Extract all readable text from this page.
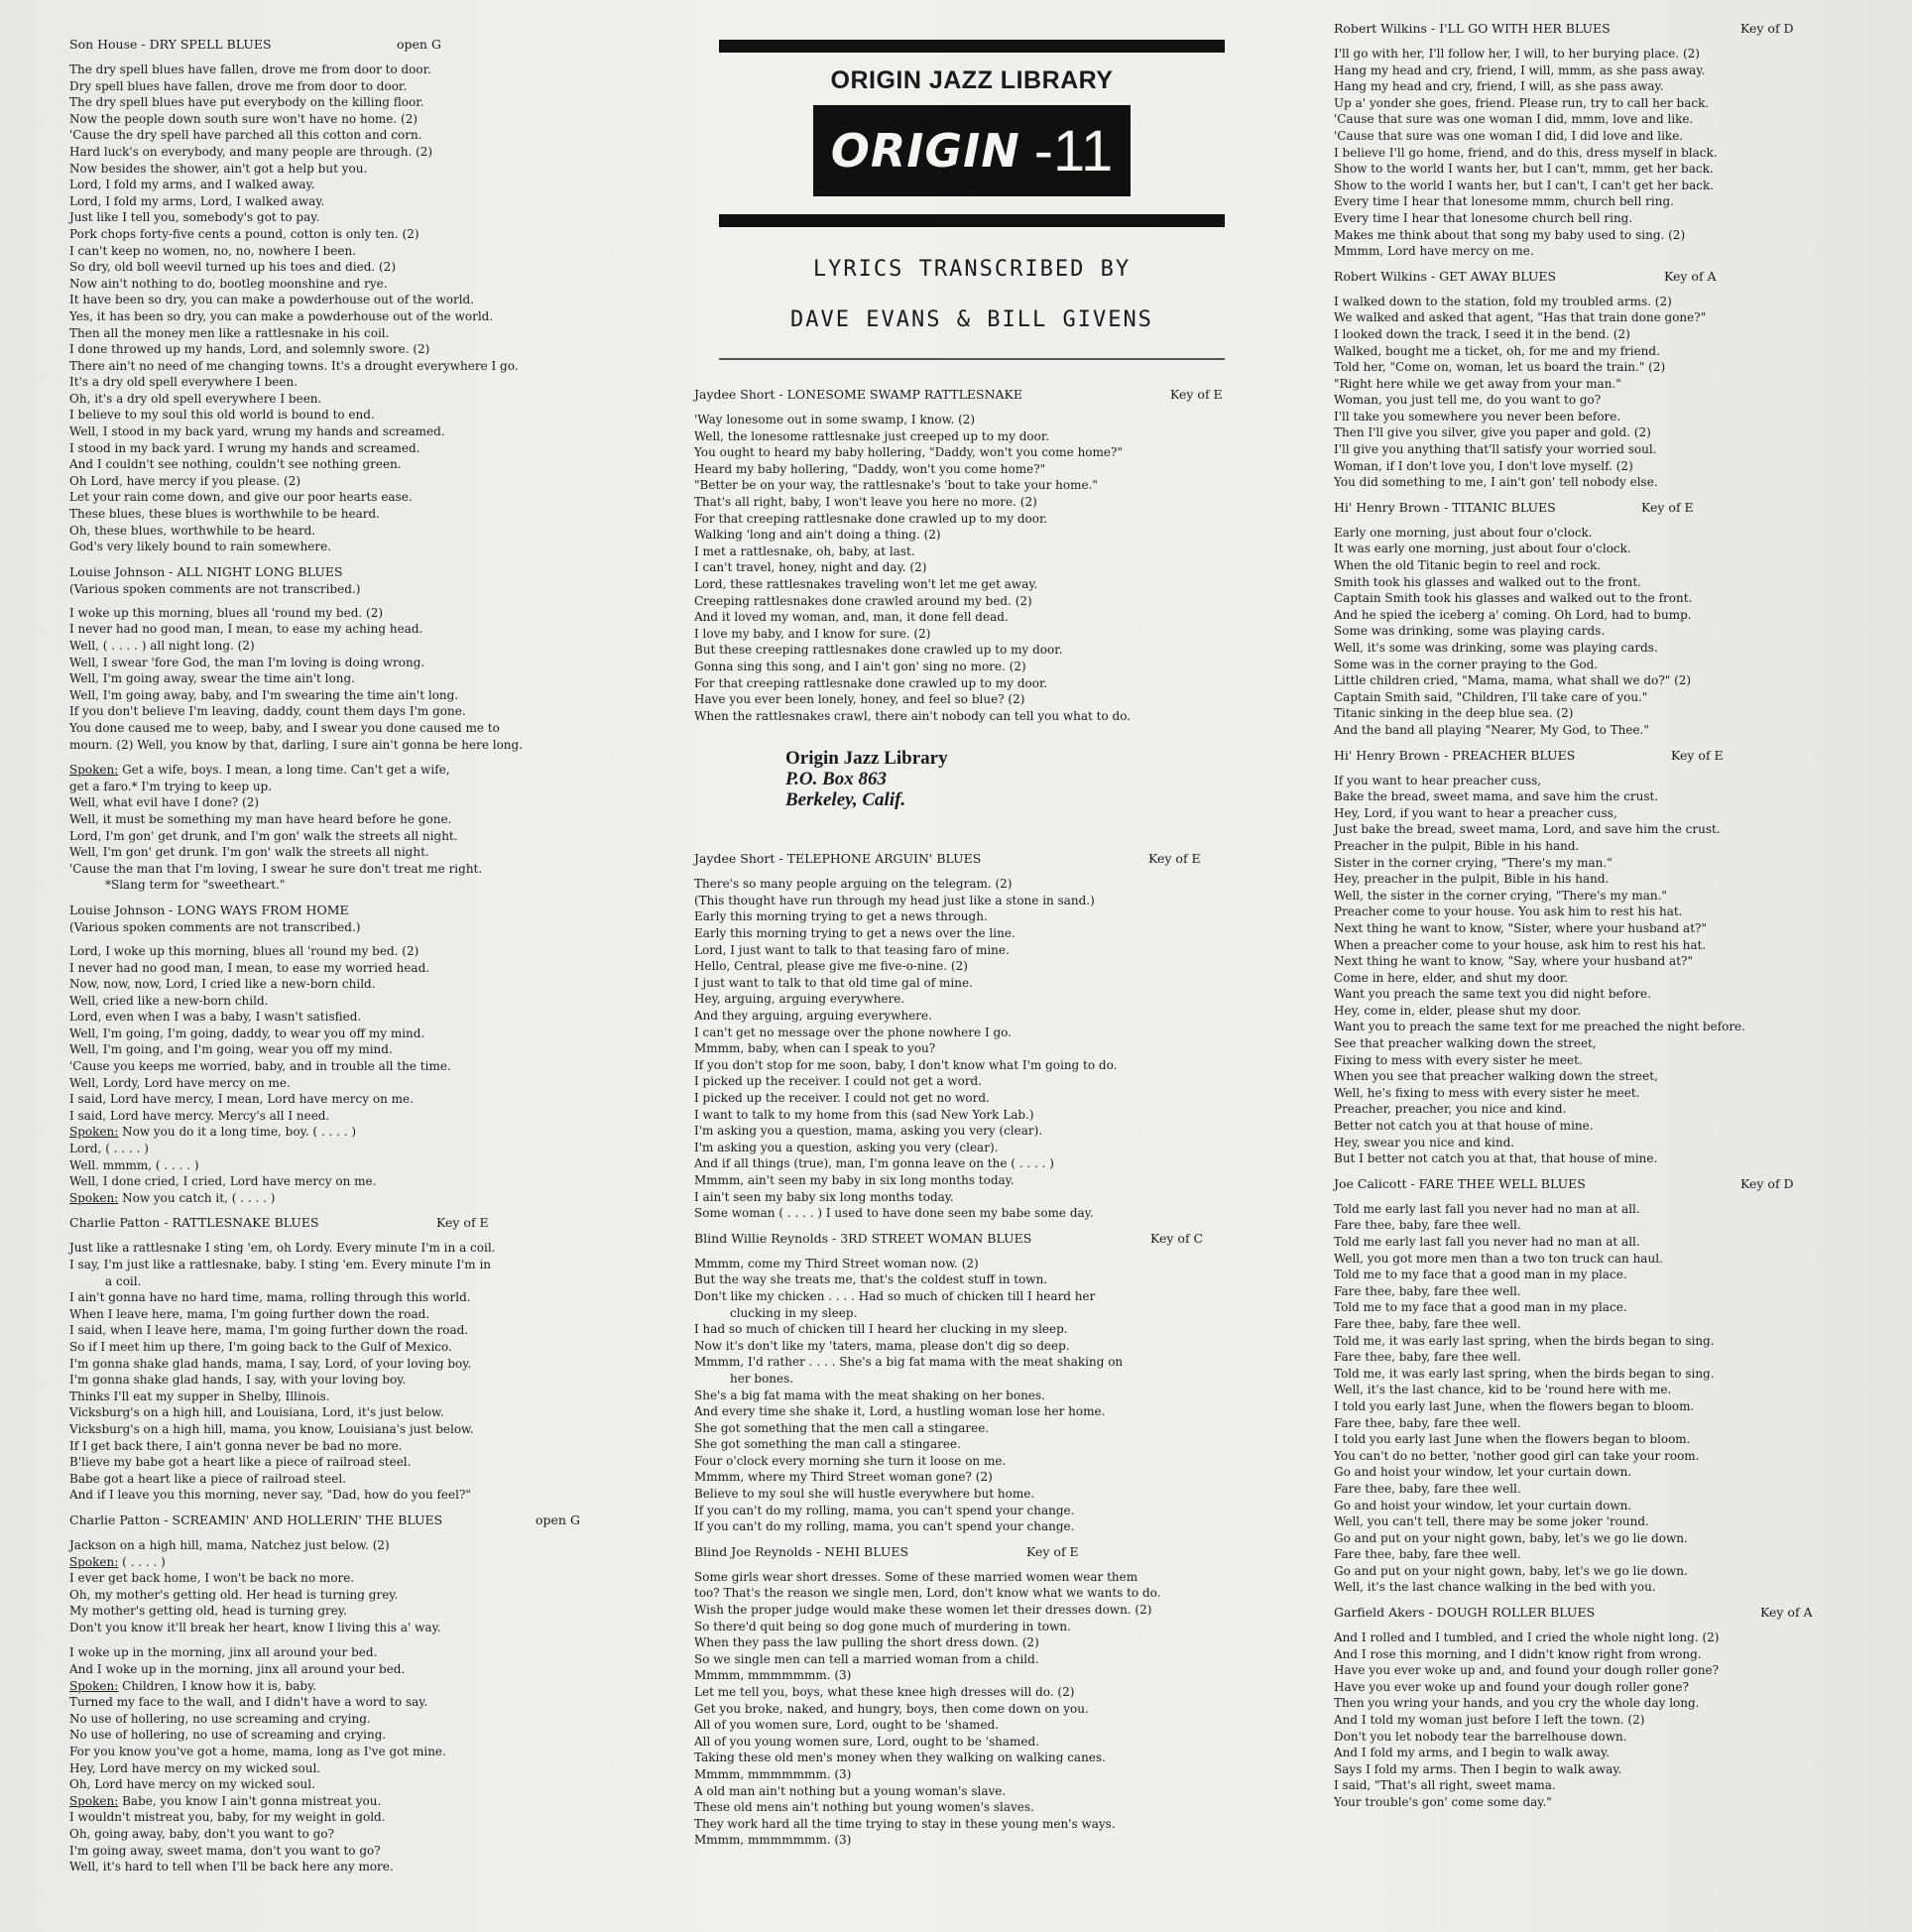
Son House - DRY SPELL BLUES	open G
The dry spell blues have fallen, drove me from door to door.
Dry spell blues have fallen, drove me from door to door.
The dry spell blues have put everybody on the killing floor.
Now the people down south sure won't have no home. (2)
'Cause the dry spell have parched all this cotton and corn.
Hard luck's on everybody, and many people are through. (2)
Now besides the shower, ain't got a help but you.
Lord, I fold my arms, and I walked away.
Lord, I fold my arms, Lord, I walked away.
Just like I tell you, somebody's got to pay.
Pork chops forty-five cents a pound, cotton is only ten. (2)
I can't keep no women, no, no, nowhere I been.
So dry, old boll weevil turned up his toes and died. (2)
Now ain't nothing to do, bootleg moonshine and rye.
It have been so dry, you can make a powderhouse out of the world.
Yes, it has been so dry, you can make a powderhouse out of the world.
Then all the money men like a rattlesnake in his coil.
I done throwed up my hands, Lord, and solemnly swore. (2)
There ain't no need of me changing towns. It's a drought everywhere I go.
It's a dry old spell everywhere I been.
Oh, it's a dry old spell everywhere I been.
I believe to my soul this old world is bound to end.
Well, I stood in my back yard, wrung my hands and screamed.
I stood in my back yard. I wrung my hands and screamed.
And I couldn't see nothing, couldn't see nothing green.
Oh Lord, have mercy if you please. (2)
Let your rain come down, and give our poor hearts ease.
These blues, these blues is worthwhile to be heard.
Oh, these blues, worthwhile to be heard.
God's very likely bound to rain somewhere.
Louise Johnson - ALL NIGHT LONG BLUES
(Various spoken comments are not transcribed.)
I woke up this morning, blues all 'round my bed. (2)
I never had no good man, I mean, to ease my aching head.
Well, ( . . . . ) all night long. (2)
Well, I swear 'fore God, the man I'm loving is doing wrong.
Well, I'm going away, swear the time ain't long.
Well, I'm going away, baby, and I'm swearing the time ain't long.
If you don't believe I'm leaving, daddy, count them days I'm gone.
You done caused me to weep, baby, and I swear you done caused me to
mourn. (2) Well, you know by that, darling, I sure ain't gonna be here long.
Spoken: Get a wife, boys. I mean, a long time. Can't get a wife,
get a faro.* I'm trying to keep up.
Well, what evil have I done? (2)
Well, it must be something my man have heard before he gone.
Lord, I'm gon' get drunk, and I'm gon' walk the streets all night.
Well, I'm gon' get drunk. I'm gon' walk the streets all night.
'Cause the man that I'm loving, I swear he sure don't treat me right.
*Slang term for "sweetheart."
Louise Johnson - LONG WAYS FROM HOME
(Various spoken comments are not transcribed.)
Lord, I woke up this morning, blues all 'round my bed. (2)
I never had no good man, I mean, to ease my worried head.
Now, now, now, Lord, I cried like a new-born child.
Well, cried like a new-born child.
Lord, even when I was a baby, I wasn't satisfied.
Well, I'm going, I'm going, daddy, to wear you off my mind.
Well, I'm going, and I'm going, wear you off my mind.
'Cause you keeps me worried, baby, and in trouble all the time.
Well, Lordy, Lord have mercy on me.
I said, Lord have mercy, I mean, Lord have mercy on me.
I said, Lord have mercy. Mercy's all I need.
Spoken: Now you do it a long time, boy. ( . . . . )
Lord, ( . . . . )
Well. mmmm, ( . . . . )
Well, I done cried, I cried, Lord have mercy on me.
Spoken: Now you catch it, ( . . . . )
Charlie Patton - RATTLESNAKE BLUES	Key of E
Just like a rattlesnake I sting 'em, oh Lordy. Every minute I'm in a coil.
I say, I'm just like a rattlesnake, baby. I sting 'em. Every minute I'm in
a coil.
I ain't gonna have no hard time, mama, rolling through this world.
When I leave here, mama, I'm going further down the road.
I said, when I leave here, mama, I'm going further down the road.
So if I meet him up there, I'm going back to the Gulf of Mexico.
I'm gonna shake glad hands, mama, I say, Lord, of your loving boy.
I'm gonna shake glad hands, I say, with your loving boy.
Thinks I'll eat my supper in Shelby, Illinois.
Vicksburg's on a high hill, and Louisiana, Lord, it's just below.
Vicksburg's on a high hill, mama, you know, Louisiana's just below.
If I get back there, I ain't gonna never be bad no more.
B'lieve my babe got a heart like a piece of railroad steel.
Babe got a heart like a piece of railroad steel.
And if I leave you this morning, never say, "Dad, how do you feel?"
Charlie Patton - SCREAMIN' AND HOLLERIN' THE BLUES	open G
Jackson on a high hill, mama, Natchez just below. (2)
Spoken: ( . . . . )
I ever get back home, I won't be back no more.
Oh, my mother's getting old. Her head is turning grey.
My mother's getting old, head is turning grey.
Don't you know it'll break her heart, know I living this a' way.
I woke up in the morning, jinx all around your bed.
And I woke up in the morning, jinx all around your bed.
Spoken: Children, I know how it is, baby.
Turned my face to the wall, and I didn't have a word to say.
No use of hollering, no use screaming and crying.
No use of hollering, no use of screaming and crying.
For you know you've got a home, mama, long as I've got mine.
Hey, Lord have mercy on my wicked soul.
Oh, Lord have mercy on my wicked soul.
Spoken: Babe, you know I ain't gonna mistreat you.
I wouldn't mistreat you, baby, for my weight in gold.
Oh, going away, baby, don't you want to go?
I'm going away, sweet mama, don't you want to go?
Well, it's hard to tell when I'll be back here any more.
ORIGIN JAZZ LIBRARY
ORIGIN -11
LYRICS TRANSCRIBED BY
DAVE EVANS & BILL GIVENS
Jaydee Short - LONESOME SWAMP RATTLESNAKE	Key of E
'Way lonesome out in some swamp, I know. (2)
Well, the lonesome rattlesnake just creeped up to my door.
You ought to heard my baby hollering, "Daddy, won't you come home?"
Heard my baby hollering, "Daddy, won't you come home?"
"Better be on your way, the rattlesnake's 'bout to take your home."
That's all right, baby, I won't leave you here no more. (2)
For that creeping rattlesnake done crawled up to my door.
Walking 'long and ain't doing a thing. (2)
I met a rattlesnake, oh, baby, at last.
I can't travel, honey, night and day. (2)
Lord, these rattlesnakes traveling won't let me get away.
Creeping rattlesnakes done crawled around my bed. (2)
And it loved my woman, and, man, it done fell dead.
I love my baby, and I know for sure. (2)
But these creeping rattlesnakes done crawled up to my door.
Gonna sing this song, and I ain't gon' sing no more. (2)
For that creeping rattlesnake done crawled up to my door.
Have you ever been lonely, honey, and feel so blue? (2)
When the rattlesnakes crawl, there ain't nobody can tell you what to do.
Origin Jazz Library
P.O. Box 863
Berkeley, Calif.
Jaydee Short - TELEPHONE ARGUIN' BLUES	Key of E
There's so many people arguing on the telegram. (2)
(This thought have run through my head just like a stone in sand.)
Early this morning trying to get a news through.
Early this morning trying to get a news over the line.
Lord, I just want to talk to that teasing faro of mine.
Hello, Central, please give me five-o-nine. (2)
I just want to talk to that old time gal of mine.
Hey, arguing, arguing everywhere.
And they arguing, arguing everywhere.
I can't get no message over the phone nowhere I go.
Mmmm, baby, when can I speak to you?
If you don't stop for me soon, baby, I don't know what I'm going to do.
I picked up the receiver. I could not get a word.
I picked up the receiver. I could not get no word.
I want to talk to my home from this (sad New York Lab.)
I'm asking you a question, mama, asking you very (clear).
I'm asking you a question, asking you very (clear).
And if all things (true), man, I'm gonna leave on the ( . . . . )
Mmmm, ain't seen my baby in six long months today.
I ain't seen my baby six long months today.
Some woman ( . . . . ) I used to have done seen my babe some day.
Blind Willie Reynolds - 3RD STREET WOMAN BLUES	Key of C
Mmmm, come my Third Street woman now. (2)
But the way she treats me, that's the coldest stuff in town.
Don't like my chicken . . . . Had so much of chicken till I heard her
clucking in my sleep.
I had so much of chicken till I heard her clucking in my sleep.
Now it's don't like my 'taters, mama, please don't dig so deep.
Mmmm, I'd rather . . . . She's a big fat mama with the meat shaking on
her bones.
She's a big fat mama with the meat shaking on her bones.
And every time she shake it, Lord, a hustling woman lose her home.
She got something that the men call a stingaree.
She got something the man call a stingaree.
Four o'clock every morning she turn it loose on me.
Mmmm, where my Third Street woman gone? (2)
Believe to my soul she will hustle everywhere but home.
If you can't do my rolling, mama, you can't spend your change.
If you can't do my rolling, mama, you can't spend your change.
Blind Joe Reynolds - NEHI BLUES	Key of E
Some girls wear short dresses. Some of these married women wear them
too? That's the reason we single men, Lord, don't know what we wants to do.
Wish the proper judge would make these women let their dresses down. (2)
So there'd quit being so dog gone much of murdering in town.
When they pass the law pulling the short dress down. (2)
So we single men can tell a married woman from a child.
Mmmm, mmmmmmm. (3)
Let me tell you, boys, what these knee high dresses will do. (2)
Get you broke, naked, and hungry, boys, then come down on you.
All of you women sure, Lord, ought to be 'shamed.
All of you young women sure, Lord, ought to be 'shamed.
Taking these old men's money when they walking on walking canes.
Mmmm, mmmmmmm. (3)
A old man ain't nothing but a young woman's slave.
These old mens ain't nothing but young women's slaves.
They work hard all the time trying to stay in these young men's ways.
Mmmm, mmmmmmm. (3)
Robert Wilkins - I'LL GO WITH HER BLUES	Key of D
I'll go with her, I'll follow her, I will, to her burying place. (2)
Hang my head and cry, friend, I will, mmm, as she pass away.
Hang my head and cry, friend, I will, as she pass away.
Up a' yonder she goes, friend. Please run, try to call her back.
'Cause that sure was one woman I did, mmm, love and like.
'Cause that sure was one woman I did, I did love and like.
I believe I'll go home, friend, and do this, dress myself in black.
Show to the world I wants her, but I can't, mmm, get her back.
Show to the world I wants her, but I can't, I can't get her back.
Every time I hear that lonesome mmm, church bell ring.
Every time I hear that lonesome church bell ring.
Makes me think about that song my baby used to sing. (2)
Mmmm, Lord have mercy on me.
Robert Wilkins - GET AWAY BLUES	Key of A
I walked down to the station, fold my troubled arms. (2)
We walked and asked that agent, "Has that train done gone?"
I looked down the track, I seed it in the bend. (2)
Walked, bought me a ticket, oh, for me and my friend.
Told her, "Come on, woman, let us board the train." (2)
"Right here while we get away from your man."
Woman, you just tell me, do you want to go?
I'll take you somewhere you never been before.
Then I'll give you silver, give you paper and gold. (2)
I'll give you anything that'll satisfy your worried soul.
Woman, if I don't love you, I don't love myself. (2)
You did something to me, I ain't gon' tell nobody else.
Hi' Henry Brown - TITANIC BLUES	Key of E
Early one morning, just about four o'clock.
It was early one morning, just about four o'clock.
When the old Titanic begin to reel and rock.
Smith took his glasses and walked out to the front.
Captain Smith took his glasses and walked out to the front.
And he spied the iceberg a' coming. Oh Lord, had to bump.
Some was drinking, some was playing cards.
Well, it's some was drinking, some was playing cards.
Some was in the corner praying to the God.
Little children cried, "Mama, mama, what shall we do?" (2)
Captain Smith said, "Children, I'll take care of you."
Titanic sinking in the deep blue sea. (2)
And the band all playing "Nearer, My God, to Thee."
Hi' Henry Brown - PREACHER BLUES	Key of E
If you want to hear preacher cuss,
Bake the bread, sweet mama, and save him the crust.
Hey, Lord, if you want to hear a preacher cuss,
Just bake the bread, sweet mama, Lord, and save him the crust.
Preacher in the pulpit, Bible in his hand.
Sister in the corner crying, "There's my man."
Hey, preacher in the pulpit, Bible in his hand.
Well, the sister in the corner crying, "There's my man."
Preacher come to your house. You ask him to rest his hat.
Next thing he want to know, "Sister, where your husband at?"
When a preacher come to your house, ask him to rest his hat.
Next thing he want to know, "Say, where your husband at?"
Come in here, elder, and shut my door.
Want you preach the same text you did night before.
Hey, come in, elder, please shut my door.
Want you to preach the same text for me preached the night before.
See that preacher walking down the street,
Fixing to mess with every sister he meet.
When you see that preacher walking down the street,
Well, he's fixing to mess with every sister he meet.
Preacher, preacher, you nice and kind.
Better not catch you at that house of mine.
Hey, swear you nice and kind.
But I better not catch you at that, that house of mine.
Joe Calicott - FARE THEE WELL BLUES	Key of D
Told me early last fall you never had no man at all.
Fare thee, baby, fare thee well.
Told me early last fall you never had no man at all.
Well, you got more men than a two ton truck can haul.
Told me to my face that a good man in my place.
Fare thee, baby, fare thee well.
Told me to my face that a good man in my place.
Fare thee, baby, fare thee well.
Told me, it was early last spring, when the birds began to sing.
Fare thee, baby, fare thee well.
Told me, it was early last spring, when the birds began to sing.
Well, it's the last chance, kid to be 'round here with me.
I told you early last June, when the flowers began to bloom.
Fare thee, baby, fare thee well.
I told you early last June when the flowers began to bloom.
You can't do no better, 'nother good girl can take your room.
Go and hoist your window, let your curtain down.
Fare thee, baby, fare thee well.
Go and hoist your window, let your curtain down.
Well, you can't tell, there may be some joker 'round.
Go and put on your night gown, baby, let's we go lie down.
Fare thee, baby, fare thee well.
Go and put on your night gown, baby, let's we go lie down.
Well, it's the last chance walking in the bed with you.
Garfield Akers - DOUGH ROLLER BLUES	Key of A
And I rolled and I tumbled, and I cried the whole night long. (2)
And I rose this morning, and I didn't know right from wrong.
Have you ever woke up and, and found your dough roller gone?
Have you ever woke up and found your dough roller gone?
Then you wring your hands, and you cry the whole day long.
And I told my woman just before I left the town. (2)
Don't you let nobody tear the barrelhouse down.
And I fold my arms, and I begin to walk away.
Says I fold my arms. Then I begin to walk away.
I said, "That's all right, sweet mama.
Your trouble's gon' come some day."
